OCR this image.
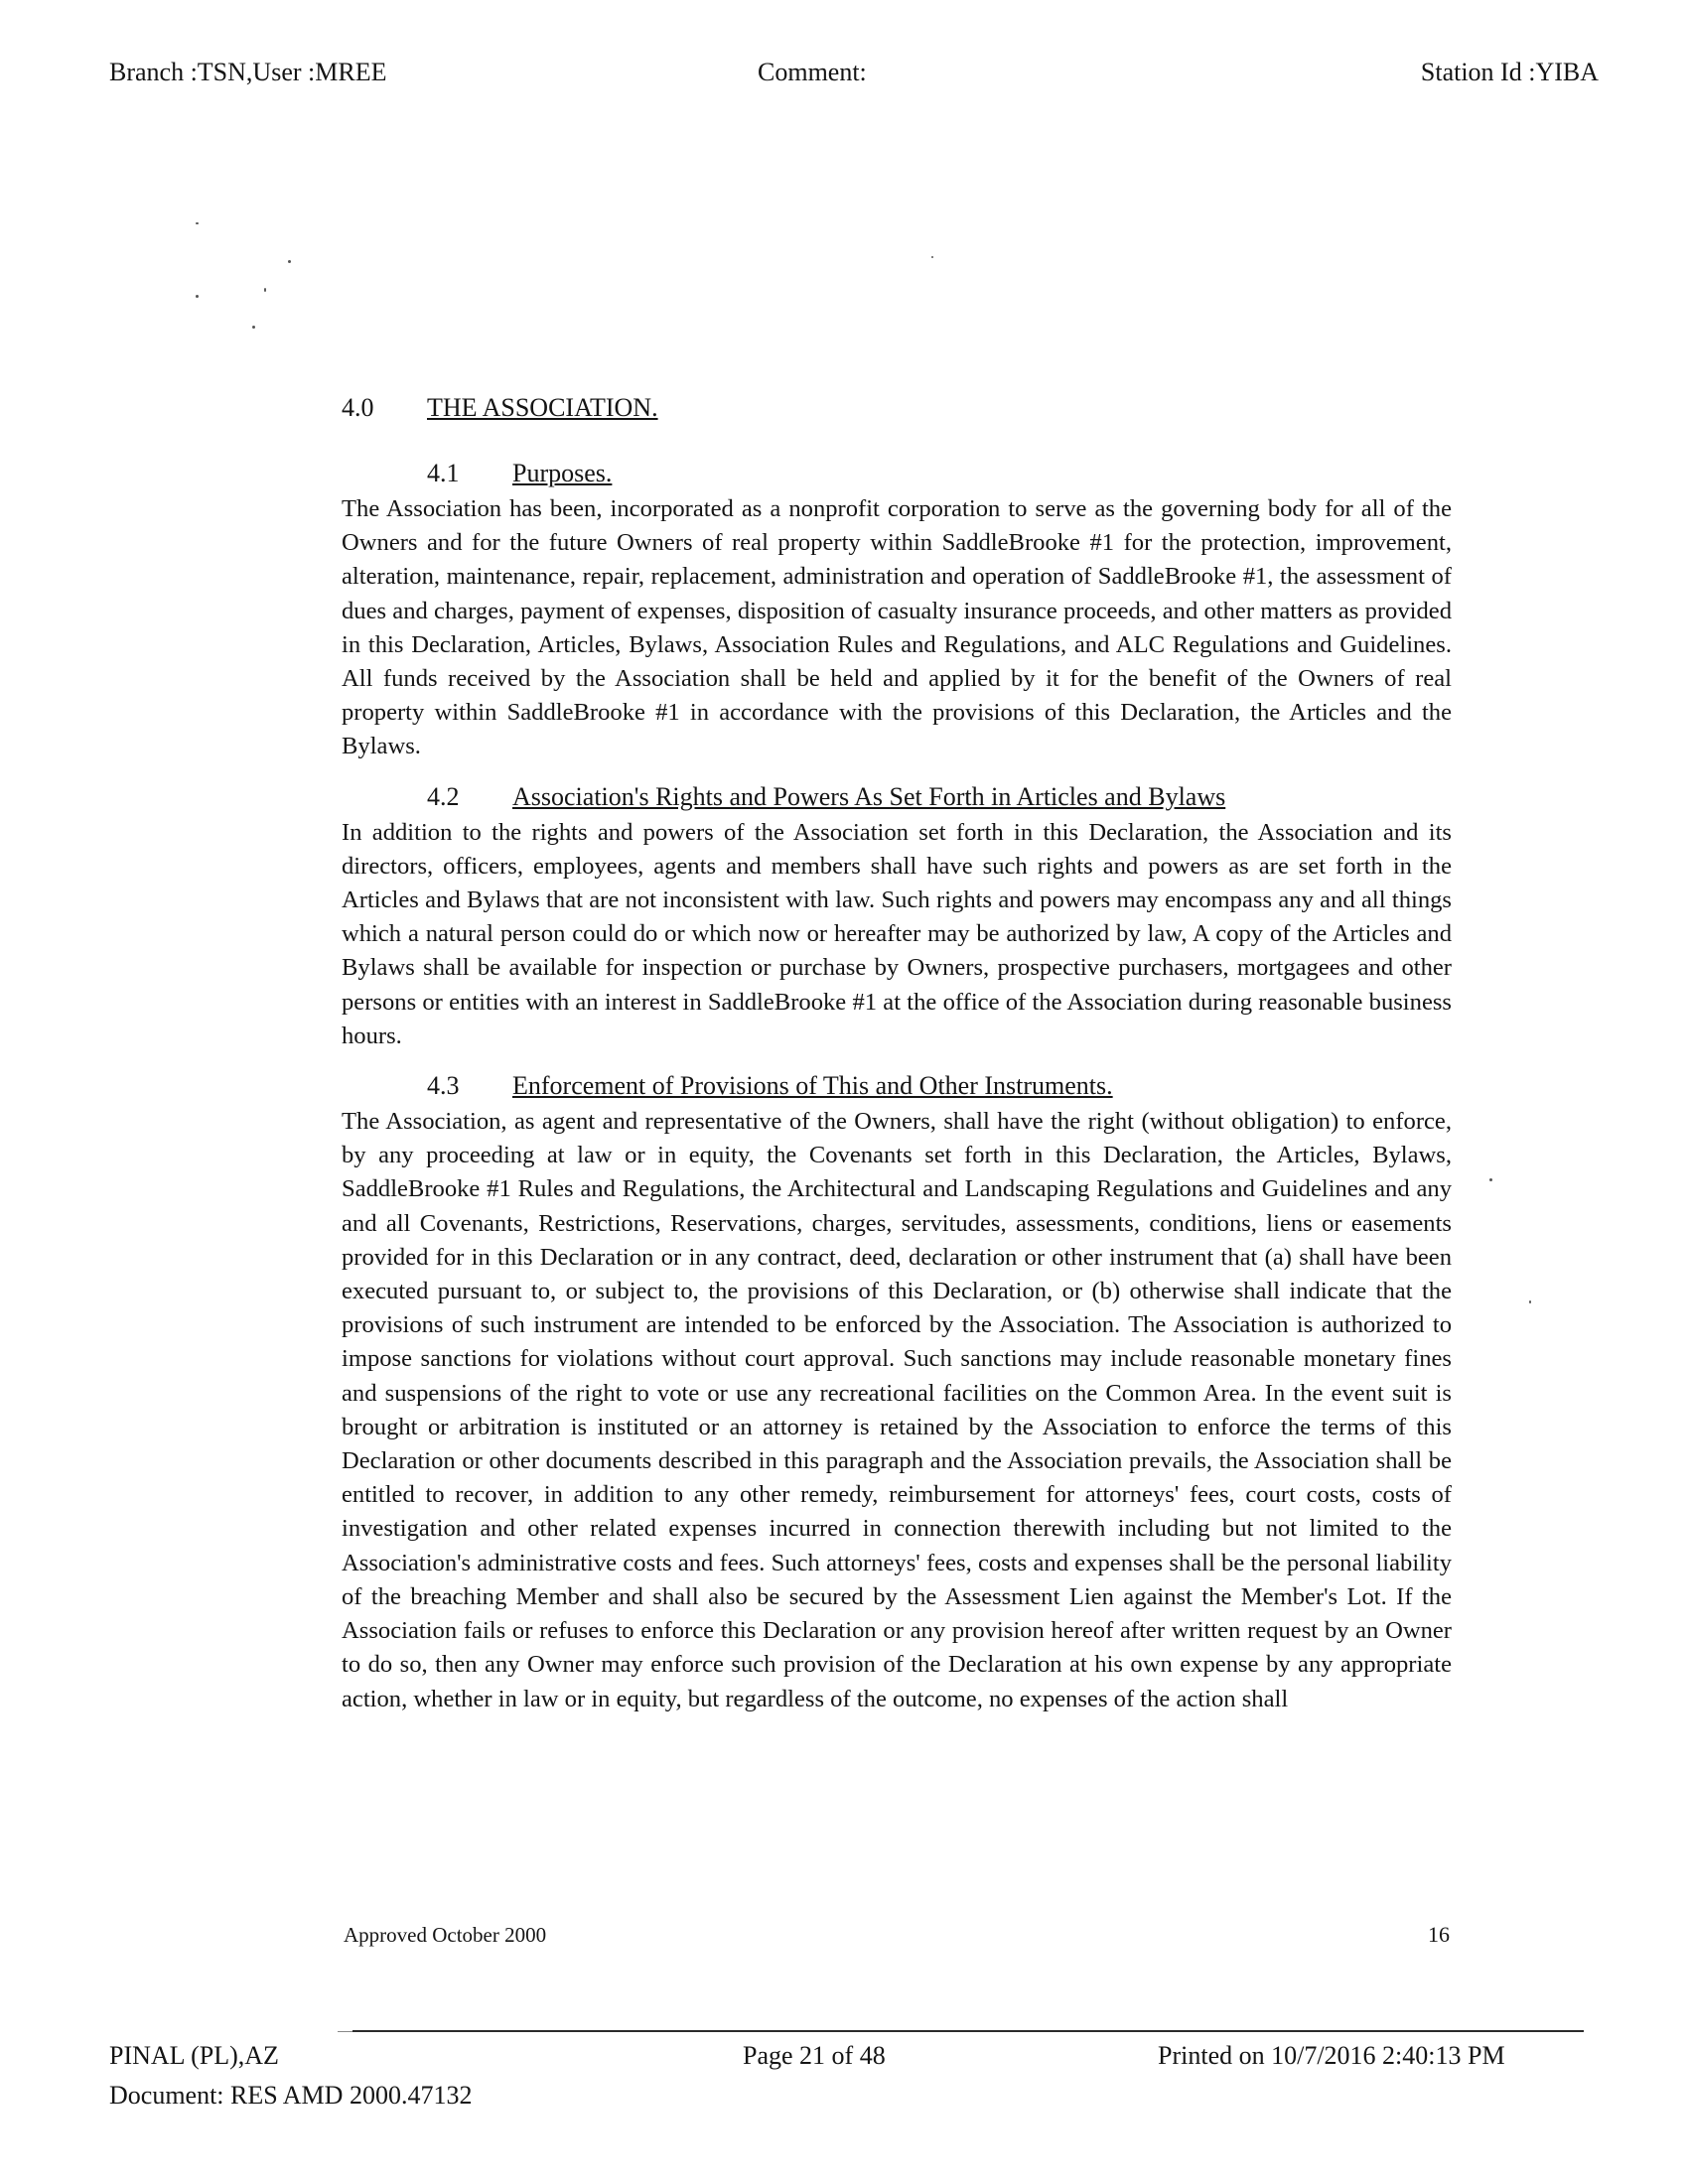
Branch :TSN,User :MREE	Comment:	Station Id :YIBA
4.0 THE ASSOCIATION.
4.1 Purposes.

The Association has been, incorporated as a nonprofit corporation to serve as the governing body for all of the Owners and for the future Owners of real property within SaddleBrooke #1 for the protection, improvement, alteration, maintenance, repair, replacement, administration and operation of SaddleBrooke #1, the assessment of dues and charges, payment of expenses, disposition of casualty insurance proceeds, and other matters as provided in this Declaration, Articles, Bylaws, Association Rules and Regulations, and ALC Regulations and Guidelines. All funds received by the Association shall be held and applied by it for the benefit of the Owners of real property within SaddleBrooke #1 in accordance with the provisions of this Declaration, the Articles and the Bylaws.

4.2 Association's Rights and Powers As Set Forth in Articles and Bylaws

In addition to the rights and powers of the Association set forth in this Declaration, the Association and its directors, officers, employees, agents and members shall have such rights and powers as are set forth in the Articles and Bylaws that are not inconsistent with law. Such rights and powers may encompass any and all things which a natural person could do or which now or hereafter may be authorized by law, A copy of the Articles and Bylaws shall be available for inspection or purchase by Owners, prospective purchasers, mortgagees and other persons or entities with an interest in SaddleBrooke #1 at the office of the Association during reasonable business hours.

4.3 Enforcement of Provisions of This and Other Instruments.

The Association, as agent and representative of the Owners, shall have the right (without obligation) to enforce, by any proceeding at law or in equity, the Covenants set forth in this Declaration, the Articles, Bylaws, SaddleBrooke #1 Rules and Regulations, the Architectural and Landscaping Regulations and Guidelines and any and all Covenants, Restrictions, Reservations, charges, servitudes, assessments, conditions, liens or easements provided for in this Declaration or in any contract, deed, declaration or other instrument that (a) shall have been executed pursuant to, or subject to, the provisions of this Declaration, or (b) otherwise shall indicate that the provisions of such instrument are intended to be enforced by the Association. The Association is authorized to impose sanctions for violations without court approval. Such sanctions may include reasonable monetary fines and suspensions of the right to vote or use any recreational facilities on the Common Area. In the event suit is brought or arbitration is instituted or an attorney is retained by the Association to enforce the terms of this Declaration or other documents described in this paragraph and the Association prevails, the Association shall be entitled to recover, in addition to any other remedy, reimbursement for attorneys' fees, court costs, costs of investigation and other related expenses incurred in connection therewith including but not limited to the Association's administrative costs and fees. Such attorneys' fees, costs and expenses shall be the personal liability of the breaching Member and shall also be secured by the Assessment Lien against the Member's Lot. If the Association fails or refuses to enforce this Declaration or any provision hereof after written request by an Owner to do so, then any Owner may enforce such provision of the Declaration at his own expense by any appropriate action, whether in law or in equity, but regardless of the outcome, no expenses of the action shall

Approved October 2000	16
PINAL (PL),AZ	Page 21 of 48	Printed on 10/7/2016 2:40:13 PM
Document: RES AMD 2000.47132
